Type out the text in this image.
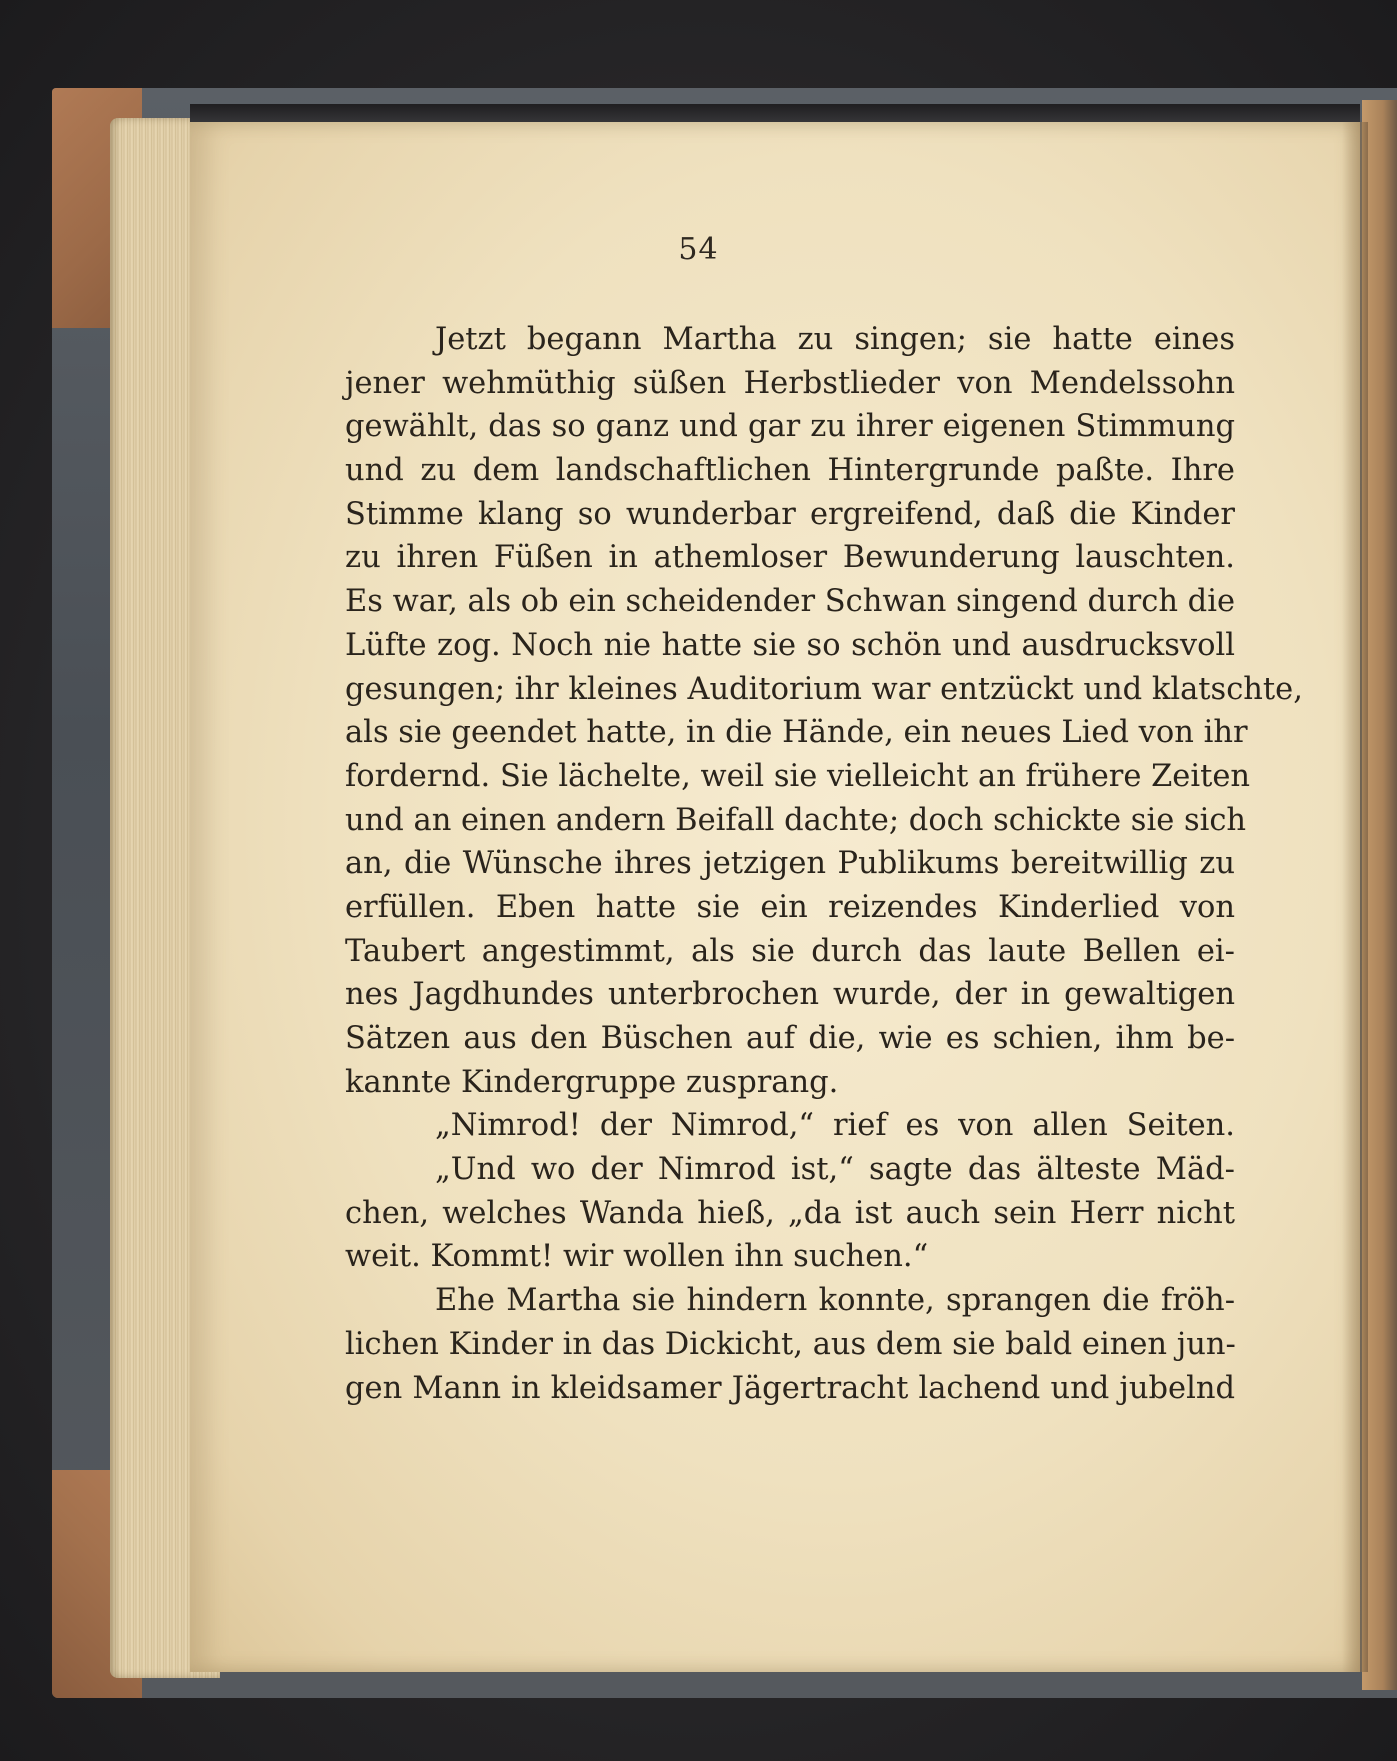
54
Jetzt begann Martha zu singen; sie hatte eines
jener wehmüthig süßen Herbstlieder von Mendelssohn
gewählt, das so ganz und gar zu ihrer eigenen Stimmung
und zu dem landschaftlichen Hintergrunde paßte. Ihre
Stimme klang so wunderbar ergreifend, daß die Kinder
zu ihren Füßen in athemloser Bewunderung lauschten.
Es war, als ob ein scheidender Schwan singend durch die
Lüfte zog. Noch nie hatte sie so schön und ausdrucksvoll
gesungen; ihr kleines Auditorium war entzückt und klatschte,
als sie geendet hatte, in die Hände, ein neues Lied von ihr
fordernd. Sie lächelte, weil sie vielleicht an frühere Zeiten
und an einen andern Beifall dachte; doch schickte sie sich
an, die Wünsche ihres jetzigen Publikums bereitwillig zu
erfüllen. Eben hatte sie ein reizendes Kinderlied von
Taubert angestimmt, als sie durch das laute Bellen ei-
nes Jagdhundes unterbrochen wurde, der in gewaltigen
Sätzen aus den Büschen auf die, wie es schien, ihm be-
kannte Kindergruppe zusprang.
„Nimrod! der Nimrod,“ rief es von allen Seiten.
„Und wo der Nimrod ist,“ sagte das älteste Mäd-
chen, welches Wanda hieß, „da ist auch sein Herr nicht
weit. Kommt! wir wollen ihn suchen.“
Ehe Martha sie hindern konnte, sprangen die fröh-
lichen Kinder in das Dickicht, aus dem sie bald einen jun-
gen Mann in kleidsamer Jägertracht lachend und jubelnd
